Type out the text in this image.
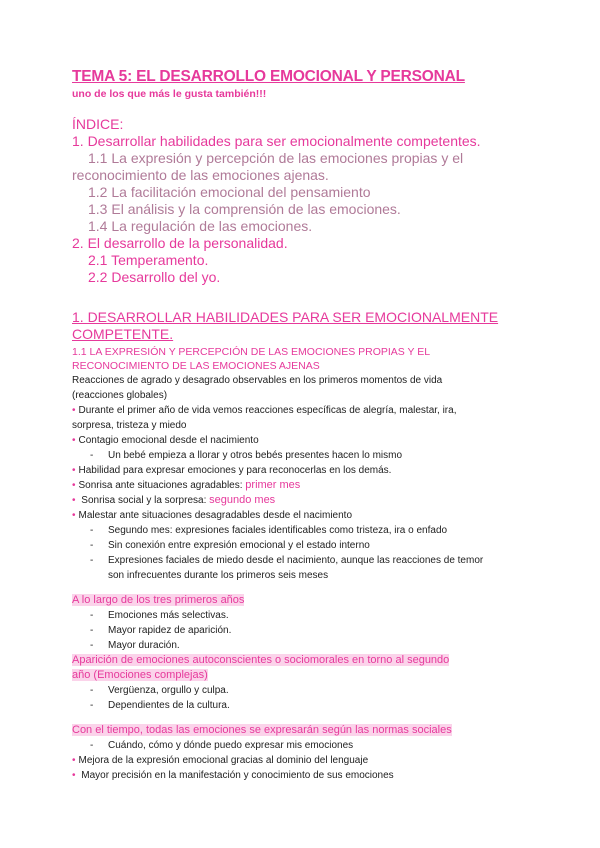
TEMA 5: EL DESARROLLO EMOCIONAL Y PERSONAL

uno de los que más le gusta también!!!

ÍNDICE:
1. Desarrollar habilidades para ser emocionalmente competentes.
1.1 La expresión y percepción de las emociones propias y el
reconocimiento de las emociones ajenas.
1.2 La facilitación emocional del pensamiento
1.3 El análisis y la comprensión de las emociones.
1.4 La regulación de las emociones.
2. El desarrollo de la personalidad.
2.1 Temperamento.
2.2 Desarrollo del yo.
1. DESARROLLAR HABILIDADES PARA SER EMOCIONALMENTE
COMPETENTE.
1.1 LA EXPRESIÓN Y PERCEPCIÓN DE LAS EMOCIONES PROPIAS Y EL
RECONOCIMIENTO DE LAS EMOCIONES AJENAS
Reacciones de agrado y desagrado observables en los primeros momentos de vida
(reacciones globales)
• Durante el primer año de vida vemos reacciones específicas de alegría, malestar, ira,
sorpresa, tristeza y miedo
• Contagio emocional desde el nacimiento
- Un bebé empieza a llorar y otros bebés presentes hacen lo mismo
• Habilidad para expresar emociones y para reconocerlas en los demás.
• Sonrisa ante situaciones agradables: primer mes
• Sonrisa social y la sorpresa: segundo mes
• Malestar ante situaciones desagradables desde el nacimiento
- Segundo mes: expresiones faciales identificables como tristeza, ira o enfado
- Sin conexión entre expresión emocional y el estado interno
- Expresiones faciales de miedo desde el nacimiento, aunque las reacciones de temor
son infrecuentes durante los primeros seis meses
A lo largo de los tres primeros años
- Emociones más selectivas.
- Mayor rapidez de aparición.
- Mayor duración.
Aparición de emociones autoconscientes o sociomorales en torno al segundo
año (Emociones complejas)
- Vergüenza, orgullo y culpa.
- Dependientes de la cultura.
Con el tiempo, todas las emociones se expresarán según las normas sociales
- Cuándo, cómo y dónde puedo expresar mis emociones
• Mejora de la expresión emocional gracias al dominio del lenguaje
• Mayor precisión en la manifestación y conocimiento de sus emociones
